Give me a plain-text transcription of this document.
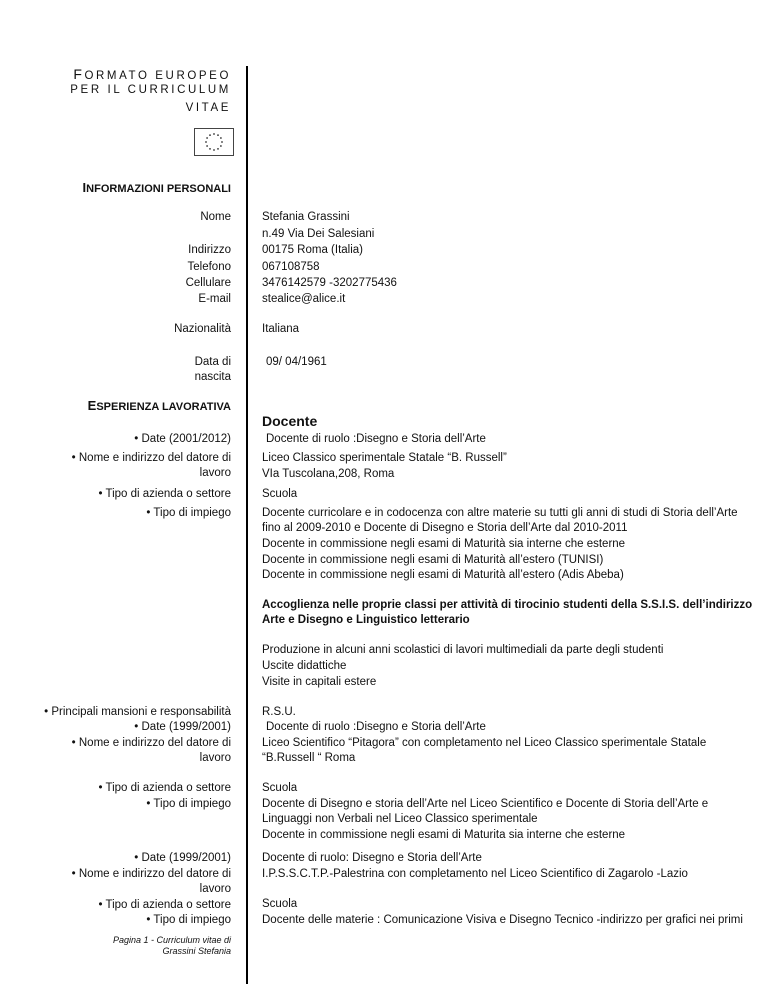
FORMATO EUROPEO
PER IL CURRICULUM
VITAE
INFORMAZIONI PERSONALI
Nome
Indirizzo
Telefono
Cellulare
E-mail
Nazionalità
Data di
nascita
Stefania Grassini
n.49 Via Dei Salesiani
00175 Roma (Italia)
067108758
3476142579 -3202775436
stealice@alice.it
Italiana
09/ 04/1961
ESPERIENZA LAVORATIVA
Docente
• Date (2001/2012)
• Nome e indirizzo del datore di
lavoro
• Tipo di azienda o settore
• Tipo di impiego
Docente di ruolo :Disegno e Storia dell’Arte
Liceo Classico sperimentale Statale “B. Russell”
VIa Tuscolana,208, Roma
Scuola
Docente curricolare e in codocenza con altre materie su tutti gli anni di studi di Storia dell’Arte
fino al 2009-2010 e Docente di Disegno e Storia dell’Arte dal 2010-2011
Docente in commissione negli esami di Maturità sia interne che esterne
Docente in commissione negli esami di Maturità all’estero (TUNISI)
Docente in commissione negli esami di Maturità all’estero (Adis Abeba)
Accoglienza nelle proprie classi per attività di tirocinio studenti della S.S.I.S. dell’indirizzo
Arte e Disegno e Linguistico letterario
Produzione in alcuni anni scolastici di lavori multimediali da parte degli studenti
Uscite didattiche
Visite in capitali estere
• Principali mansioni e responsabilità
• Date (1999/2001)
• Nome e indirizzo del datore di
lavoro
• Tipo di azienda o settore
• Tipo di impiego
R.S.U.
Docente di ruolo :Disegno e Storia dell’Arte
Liceo Scientifico “Pitagora” con completamento nel Liceo Classico sperimentale Statale
“B.Russell “ Roma
Scuola
Docente di Disegno e storia dell’Arte nel Liceo Scientifico e Docente di Storia dell’Arte e
Linguaggi non Verbali nel Liceo Classico sperimentale
Docente in commissione negli esami di Maturita sia interne che esterne
• Date (1999/2001)
• Nome e indirizzo del datore di
lavoro
• Tipo di azienda o settore
• Tipo di impiego
Docente di ruolo: Disegno e Storia dell’Arte
I.P.S.S.C.T.P.-Palestrina con completamento nel Liceo Scientifico di Zagarolo -Lazio
Scuola
Docente delle materie : Comunicazione Visiva e Disegno Tecnico -indirizzo per grafici nei primi
Pagina 1 - Curriculum vitae di
Grassini Stefania
